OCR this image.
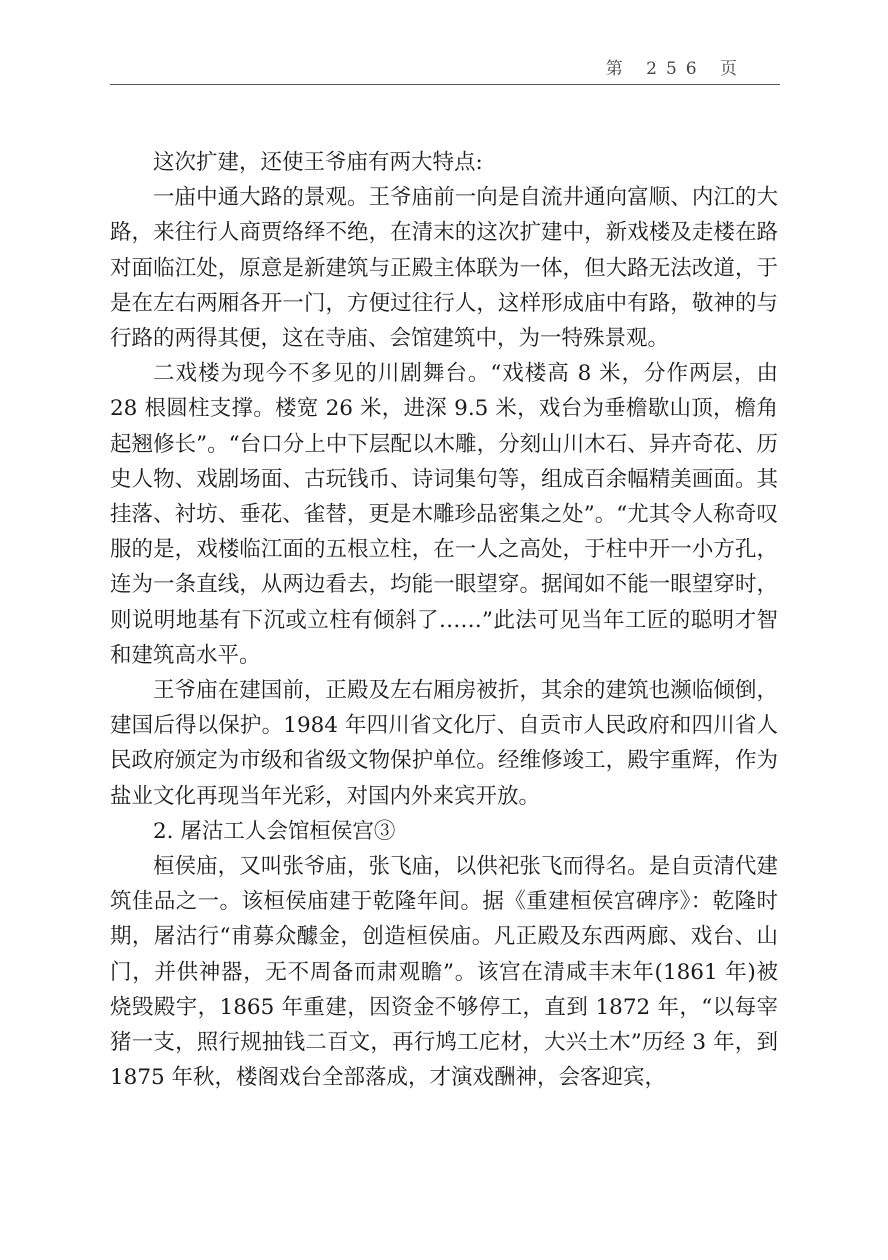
第 256 页

这次扩建，还使王爷庙有两大特点:

一庙中通大路的景观。王爷庙前一向是自流井通向富顺、内江的大路，来往行人商贾络绎不绝，在清末的这次扩建中，新戏楼及走楼在路对面临江处，原意是新建筑与正殿主体联为一体，但大路无法改道，于是在左右两厢各开一门，方便过往行人，这样形成庙中有路，敬神的与行路的两得其便，这在寺庙、会馆建筑中，为一特殊景观。

二戏楼为现今不多见的川剧舞台。“戏楼高 8 米，分作两层，由 28 根圆柱支撑。楼宽 26 米，进深 9.5 米，戏台为垂檐歇山顶，檐角起翘修长”。“台口分上中下层配以木雕，分刻山川木石、异卉奇花、历史人物、戏剧场面、古玩钱币、诗词集句等，组成百余幅精美画面。其挂落、衬坊、垂花、雀替，更是木雕珍品密集之处”。“尤其令人称奇叹服的是，戏楼临江面的五根立柱，在一人之高处，于柱中开一小方孔，连为一条直线，从两边看去，均能一眼望穿。据闻如不能一眼望穿时，则说明地基有下沉或立柱有倾斜了……”此法可见当年工匠的聪明才智和建筑高水平。

王爷庙在建国前，正殿及左右厢房被折，其余的建筑也濒临倾倒，建国后得以保护。1984 年四川省文化厅、自贡市人民政府和四川省人民政府颁定为市级和省级文物保护单位。经维修竣工，殿宇重辉，作为盐业文化再现当年光彩，对国内外来宾开放。

2. 屠沽工人会馆桓侯宫③

桓侯庙，又叫张爷庙，张飞庙，以供祀张飞而得名。是自贡清代建筑佳品之一。该桓侯庙建于乾隆年间。据《重建桓侯宫碑序》：乾隆时期，屠沽行“甫募众醵金，创造桓侯庙。凡正殿及东西两廊、戏台、山门，并供神器，无不周备而肃观瞻”。该宫在清咸丰末年(1861 年)被烧毁殿宇，1865 年重建，因资金不够停工，直到 1872 年，“以每宰猪一支，照行规抽钱二百文，再行鸠工庀材，大兴土木”历经 3 年，到 1875 年秋，楼阁戏台全部落成，才演戏酬神，会客迎宾，
